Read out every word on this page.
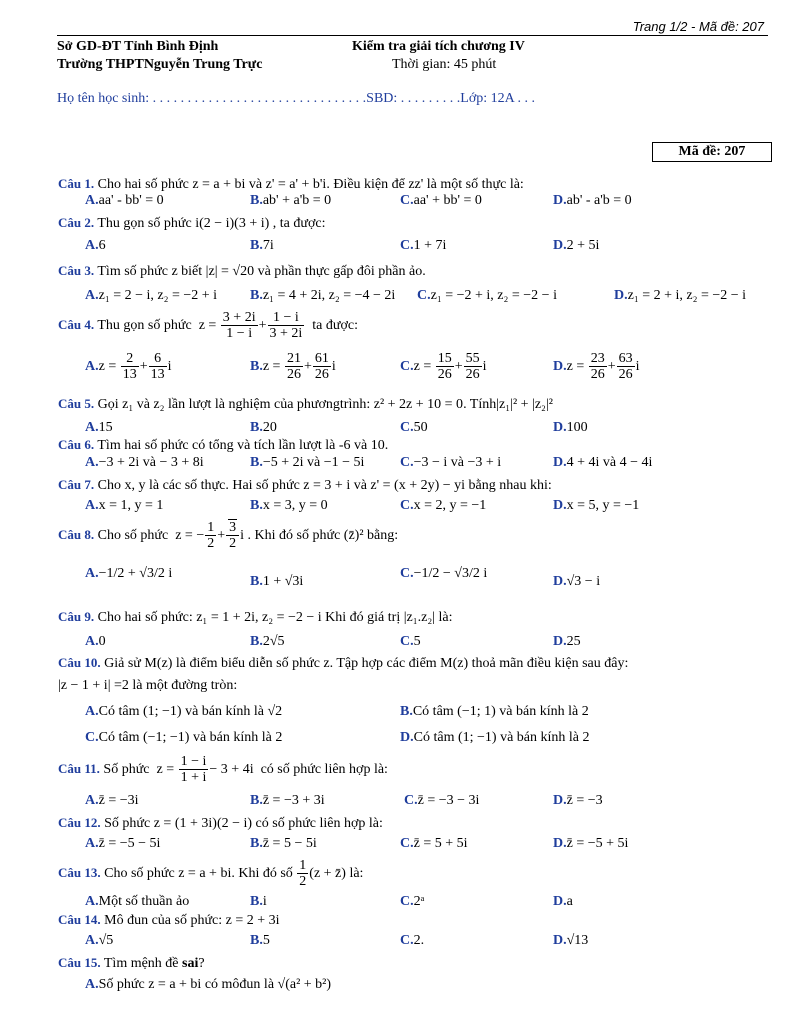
Trang 1/2 - Mã đề: 207
Sở GD-ĐT Tỉnh Bình Định
Trường THPTNguyễn Trung Trực
Kiểm tra giải tích chương IV
Thời gian: 45 phút
Họ tên học sinh: . . . . . . . . . . . . . . . . . . . . . . . . . . . . . . .SBD: . . . . . . . . .Lớp: 12A . . .
Mã đề: 207
Câu 1. Cho hai số phức z = a + bi và z' = a' + b'i. Điều kiện để zz' là một số thực là:
A.aa' - bb' = 0	B.ab' + a'b = 0	C.aa' + bb' = 0	D.ab' - a'b = 0
Câu 2. Thu gọn số phức i(2 − i)(3 + i) , ta được:
A.6	B.7i	C.1 + 7i	D.2 + 5i
Câu 3. Tìm số phức z biết |z| = √20 và phần thực gấp đôi phần ảo.
A.z₁ = 2 − i, z₂ = −2 + i B.z₁ = 4 + 2i, z₂ = −4 − 2i C.z₁ = −2 + i, z₂ = −2 − i	D.z₁ = 2 + i, z₂ = −2 − i
Câu 4. Thu gọn số phức  $z = \frac{3 + 2i}{1 - i} + \frac{1 - i}{3 + 2i}$ ta được:
$A.z = \frac{2}{13} + \frac{6}{13}$ i	$B.z = \frac{21}{26} + \frac{61}{26}$ i	$C.z = \frac{15}{26} + \frac{55}{26}$ i	$D.z = \frac{23}{26} + \frac{63}{26}$ i
Câu 5. Gọi z₁ và z₂ lần lượt là nghiệm của phươngtrình: z² + 2z + 10 = 0. Tính|z₁|² + |z₂|²
A.15	B.20	C.50	D.100
Câu 6. Tìm hai số phức có tổng và tích lần lượt là -6 và 10.
A.−3 + 2i và − 3 + 8i	B.−5 + 2i và −1 − 5i	C.−3 − i và −3 + i	D.4 + 4i và 4 − 4i
Câu 7. Cho x, y là các số thực. Hai số phức z = 3 + i và z' = (x + 2y) − yi bằng nhau khi:
A.x = 1, y = 1	B.x = 3, y = 0	C.x = 2, y = −1	D.x = 5, y = −1
Câu 8. Cho số phức  z = − $\frac{1}{2} + \frac{3}{2}$ i . Khi đó số phức (z̄)² bằng:
A.−1/2 + √3/2 i
B.1 + √3i
C.−1/2 − √3/2 i
D.√3 − i
Câu 9. Cho hai số phức: z₁ = 1 + 2i, z₂ = −2 − i Khi đó giá trị |z₁.z₂| là:
A.0	B.2√5	C.5	D.25
Câu 10. Giả sử M(z) là điểm biểu diễn số phức z. Tập hợp các điểm M(z) thoả mãn điều kiện sau đây:
|z − 1 + i| =2 là một đường tròn:
A.Có tâm (1; −1) và bán kính là √2	B.Có tâm (−1; 1) và bán kính là 2
C.Có tâm (−1; −1) và bán kính là 2	D.Có tâm (1; −1) và bán kính là 2
Câu 11. Số phức  $z = \frac{1 - i}{1 + i} - 3 + 4i$ có số phức liên hợp là:
A.z̄ = −3i	B.z̄ = −3 + 3i	C.z̄ = −3 − 3i	D.z̄ = −3
Câu 12. Số phức z = (1 + 3i)(2 − i) có số phức liên hợp là:
A.z̄ = −5 − 5i	B.z̄ = 5 − 5i	C.z̄ = 5 + 5i	D.z̄ = −5 + 5i
Câu 13. Cho số phức z = a + bi. Khi đó số $\frac{1}{2} (z$ + z̄) là:
A.Một số thuần ảo	B.i	C.2ᵃ	D.a
Câu 14. Mô đun của số phức: z = 2 + 3i
A.√5	B.5	C.2.	D.√13
Câu 15. Tìm mệnh đề sai?
A.Số phức z = a + bi có môđun là √(a² + b²)
